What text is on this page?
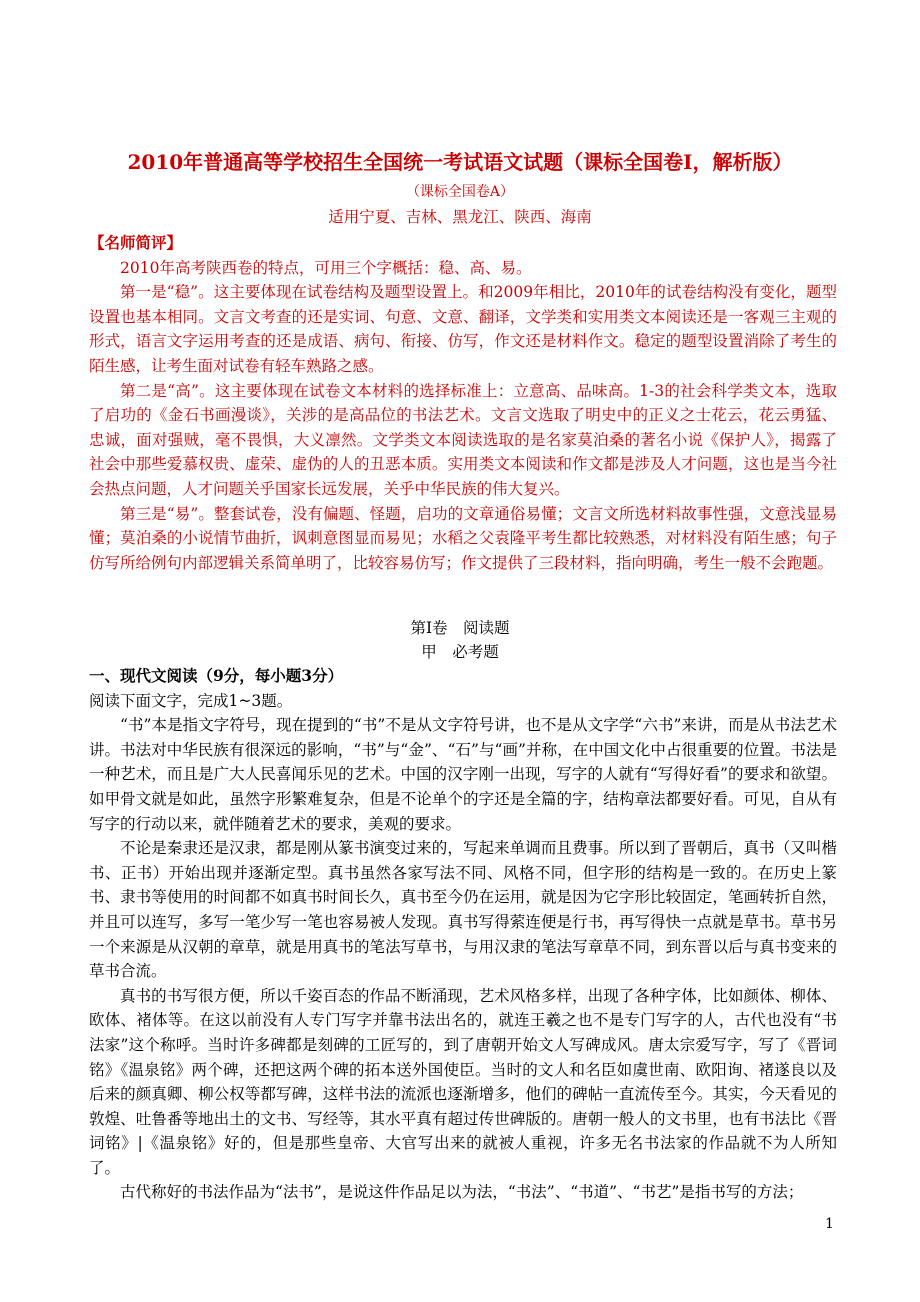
2010年普通高等学校招生全国统一考试语文试题（课标全国卷Ⅰ，解析版）
（课标全国卷A）
适用宁夏、吉林、黑龙江、陕西、海南

【名师简评】

2010年高考陕西卷的特点，可用三个字概括：稳、高、易。

第一是“稳”。这主要体现在试卷结构及题型设置上。和2009年相比，2010年的试卷结构没有变化，题型设置也基本相同。文言文考查的还是实词、句意、文意、翻译，文学类和实用类文本阅读还是一客观三主观的形式，语言文字运用考查的还是成语、病句、衔接、仿写，作文还是材料作文。稳定的题型设置消除了考生的陌生感，让考生面对试卷有轻车熟路之感。

第二是“高”。这主要体现在试卷文本材料的选择标准上：立意高、品味高。1-3的社会科学类文本，选取了启功的《金石书画漫谈》，关涉的是高品位的书法艺术。文言文选取了明史中的正义之士花云，花云勇猛、忠诚，面对强贼，毫不畏惧，大义凛然。文学类文本阅读选取的是名家莫泊桑的著名小说《保护人》，揭露了社会中那些爱慕权贵、虚荣、虚伪的人的丑恶本质。实用类文本阅读和作文都是涉及人才问题，这也是当今社会热点问题，人才问题关乎国家长远发展，关乎中华民族的伟大复兴。

第三是“易”。整套试卷，没有偏题、怪题，启功的文章通俗易懂；文言文所选材料故事性强，文意浅显易懂；莫泊桑的小说情节曲折，讽刺意图显而易见；水稻之父袁隆平考生都比较熟悉，对材料没有陌生感；句子仿写所给例句内部逻辑关系简单明了，比较容易仿写；作文提供了三段材料，指向明确，考生一般不会跑题。

第Ⅰ卷　阅读题
甲　必考题

一、现代文阅读（9分，每小题3分）

阅读下面文字，完成1~3题。

“书”本是指文字符号，现在提到的“书”不是从文字符号讲，也不是从文字学“六书”来讲，而是从书法艺术讲。书法对中华民族有很深远的影响，“书”与“金”、“石”与“画”并称，在中国文化中占很重要的位置。书法是一种艺术，而且是广大人民喜闻乐见的艺术。中国的汉字刚一出现，写字的人就有“写得好看”的要求和欲望。如甲骨文就是如此，虽然字形繁难复杂，但是不论单个的字还是全篇的字，结构章法都要好看。可见，自从有写字的行动以来，就伴随着艺术的要求，美观的要求。

不论是秦隶还是汉隶，都是刚从篆书演变过来的，写起来单调而且费事。所以到了晋朝后，真书（又叫楷书、正书）开始出现并逐渐定型。真书虽然各家写法不同、风格不同，但字形的结构是一致的。在历史上篆书、隶书等使用的时间都不如真书时间长久，真书至今仍在运用，就是因为它字形比较固定，笔画转折自然，并且可以连写，多写一笔少写一笔也容易被人发现。真书写得萦连便是行书，再写得快一点就是草书。草书另一个来源是从汉朝的章草，就是用真书的笔法写草书，与用汉隶的笔法写章草不同，到东晋以后与真书变来的草书合流。

真书的书写很方便，所以千姿百态的作品不断涌现，艺术风格多样，出现了各种字体，比如颜体、柳体、欧体、褚体等。在这以前没有人专门写字并靠书法出名的，就连王羲之也不是专门写字的人，古代也没有“书法家”这个称呼。当时许多碑都是刻碑的工匠写的，到了唐朝开始文人写碑成风。唐太宗爱写字，写了《晋词铭》《温泉铭》两个碑，还把这两个碑的拓本送外国使臣。当时的文人和名臣如虞世南、欧阳询、褚遂良以及后来的颜真卿、柳公权等都写碑，这样书法的流派也逐渐增多，他们的碑帖一直流传至今。其实，今天看见的敦煌、吐鲁番等地出土的文书、写经等，其水平真有超过传世碑版的。唐朝一般人的文书里，也有书法比《晋词铭》|《温泉铭》好的，但是那些皇帝、大官写出来的就被人重视，许多无名书法家的作品就不为人所知了。

古代称好的书法作品为“法书”，是说这件作品足以为法，“书法”、“书道”、“书艺”是指书写的方法；

1
